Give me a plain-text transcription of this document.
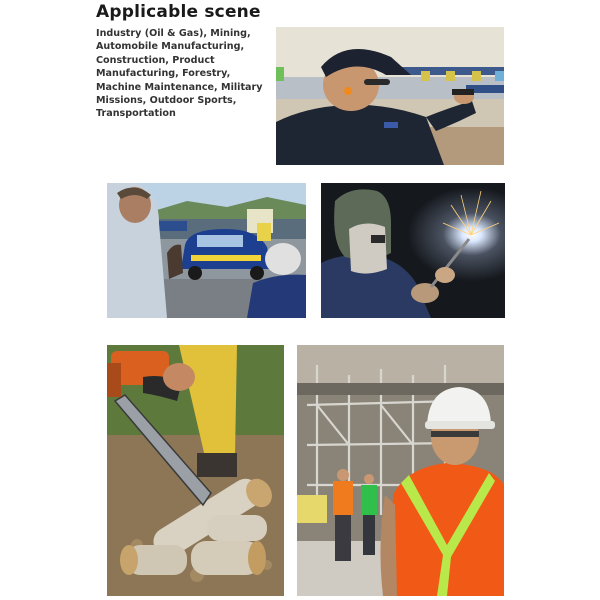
Applicable scene
Industry (Oil & Gas), Mining,
Automobile Manufacturing,
Construction, Product
Manufacturing, Forestry,
Machine Maintenance, Military
Missions, Outdoor Sports,
Transportation
